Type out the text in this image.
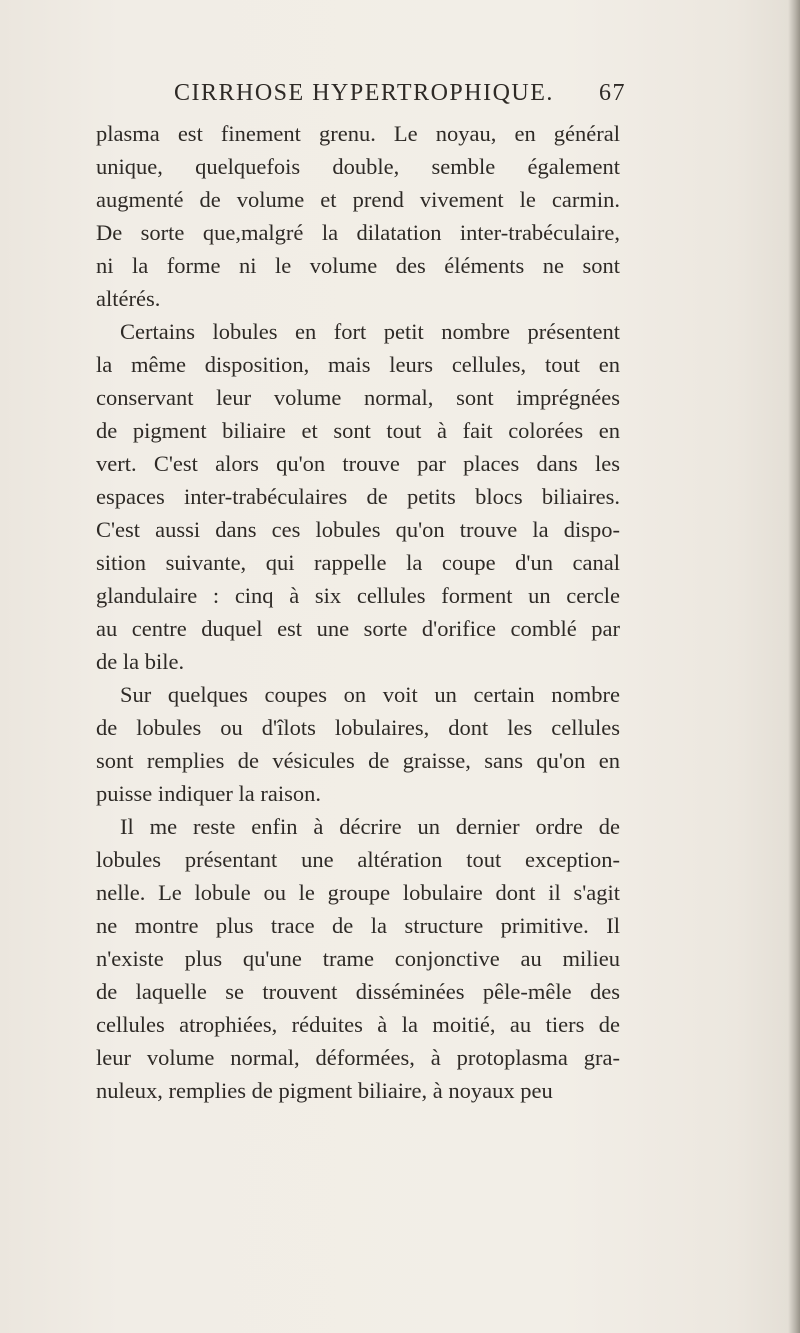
CIRRHOSE HYPERTROPHIQUE. 67
plasma est finement grenu. Le noyau, en général
unique, quelquefois double, semble également
augmenté de volume et prend vivement le carmin.
De sorte que,malgré la dilatation inter-trabéculaire,
ni la forme ni le volume des éléments ne sont
altérés.
Certains lobules en fort petit nombre présentent
la même disposition, mais leurs cellules, tout en
conservant leur volume normal, sont imprégnées
de pigment biliaire et sont tout à fait colorées en
vert. C'est alors qu'on trouve par places dans les
espaces inter-trabéculaires de petits blocs biliaires.
C'est aussi dans ces lobules qu'on trouve la dispo-
sition suivante, qui rappelle la coupe d'un canal
glandulaire : cinq à six cellules forment un cercle
au centre duquel est une sorte d'orifice comblé par
de la bile.
Sur quelques coupes on voit un certain nombre
de lobules ou d'îlots lobulaires, dont les cellules
sont remplies de vésicules de graisse, sans qu'on en
puisse indiquer la raison.
Il me reste enfin à décrire un dernier ordre de
lobules présentant une altération tout exception-
nelle. Le lobule ou le groupe lobulaire dont il s'agit
ne montre plus trace de la structure primitive. Il
n'existe plus qu'une trame conjonctive au milieu
de laquelle se trouvent disséminées pêle-mêle des
cellules atrophiées, réduites à la moitié, au tiers de
leur volume normal, déformées, à protoplasma gra-
nuleux, remplies de pigment biliaire, à noyaux peu
